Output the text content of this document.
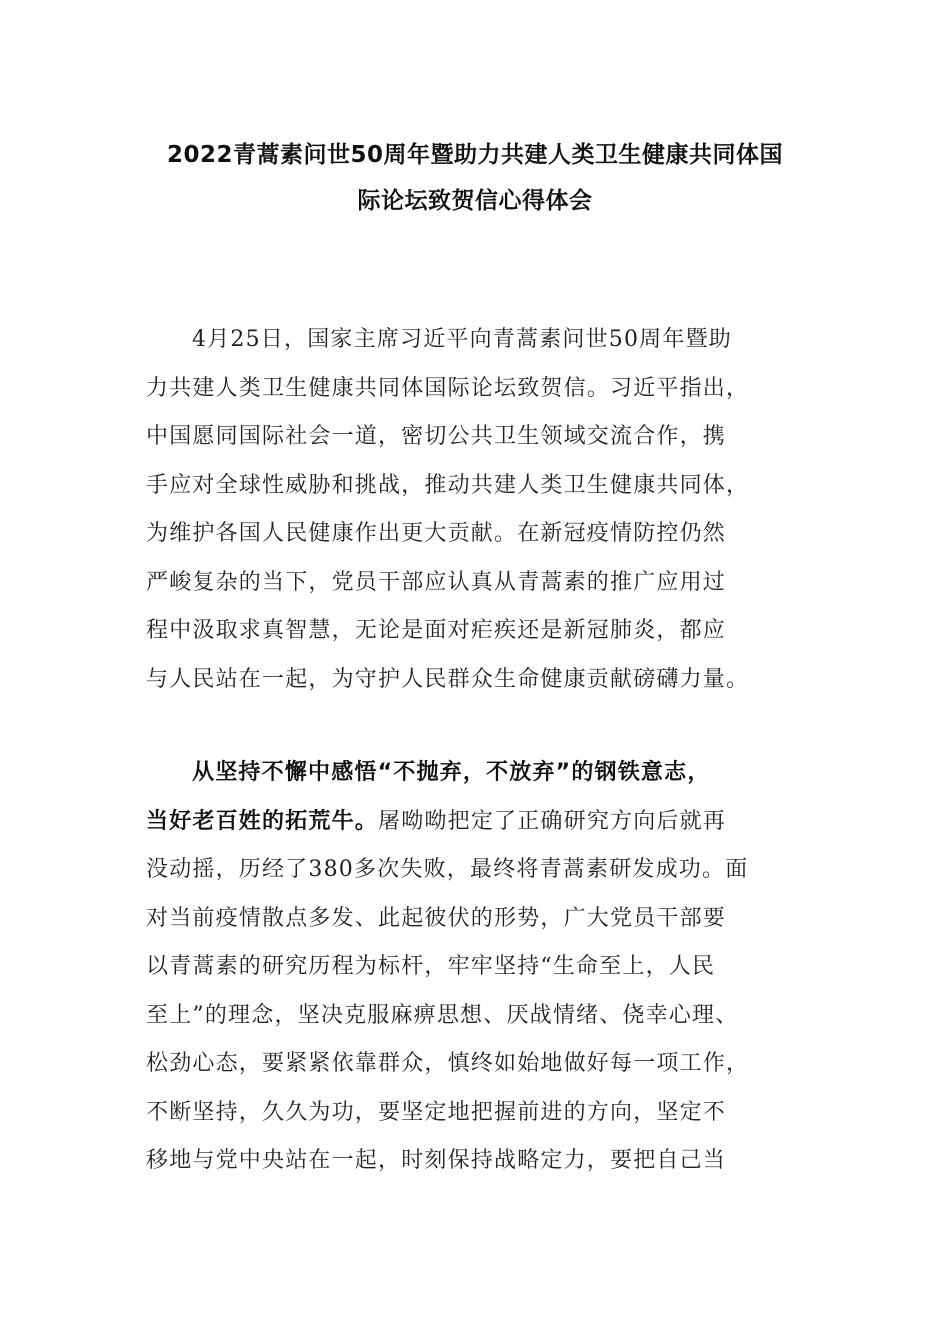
2022青蒿素问世50周年暨助力共建人类卫生健康共同体国
际论坛致贺信心得体会
4月25日，国家主席习近平向青蒿素问世50周年暨助
力共建人类卫生健康共同体国际论坛致贺信。习近平指出，
中国愿同国际社会一道，密切公共卫生领域交流合作，携
手应对全球性威胁和挑战，推动共建人类卫生健康共同体，
为维护各国人民健康作出更大贡献。在新冠疫情防控仍然
严峻复杂的当下，党员干部应认真从青蒿素的推广应用过
程中汲取求真智慧，无论是面对疟疾还是新冠肺炎，都应
与人民站在一起，为守护人民群众生命健康贡献磅礴力量。
从坚持不懈中感悟“不抛弃，不放弃”的钢铁意志，
当好老百姓的拓荒牛。屠呦呦把定了正确研究方向后就再
没动摇，历经了380多次失败，最终将青蒿素研发成功。面
对当前疫情散点多发、此起彼伏的形势，广大党员干部要
以青蒿素的研究历程为标杆，牢牢坚持“生命至上，人民
至上”的理念，坚决克服麻痹思想、厌战情绪、侥幸心理、
松劲心态，要紧紧依靠群众，慎终如始地做好每一项工作，
不断坚持，久久为功，要坚定地把握前进的方向，坚定不
移地与党中央站在一起，时刻保持战略定力，要把自己当
